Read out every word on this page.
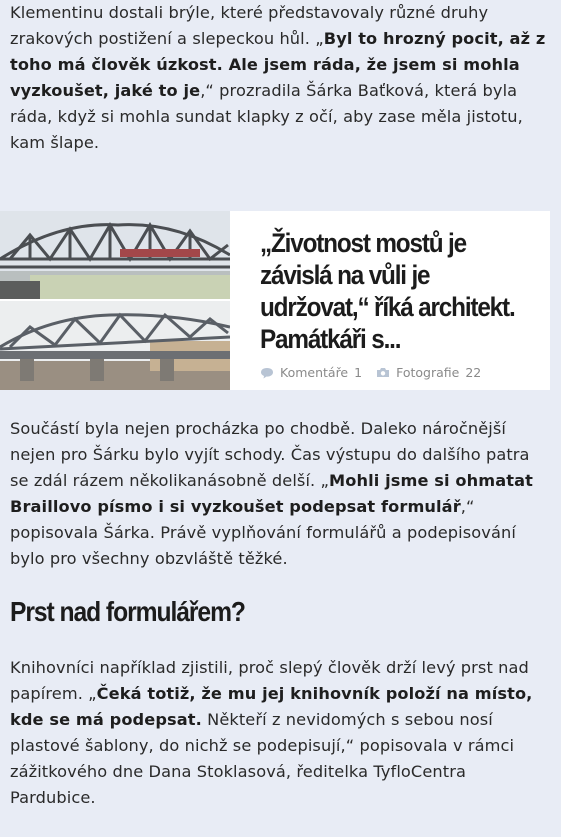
Klementinu dostali brýle, které představovaly různé druhy zrakových postižení a slepeckou hůl. „Byl to hrozný pocit, až z toho má člověk úzkost. Ale jsem ráda, že jsem si mohla vyzkoušet, jaké to je,“ prozradila Šárka Baťková, která byla ráda, když si mohla sundat klapky z očí, aby zase měla jistotu, kam šlape.
„Životnost mostů je závislá na vůli je udržovat,“ říká architekt. Památkáři s...
Komentáře 1	Fotografie 22
Součástí byla nejen procházka po chodbě. Daleko náročnější nejen pro Šárku bylo vyjít schody. Čas výstupu do dalšího patra se zdál rázem několikanásobně delší. „Mohli jsme si ohmatat Braillovo písmo i si vyzkoušet podepsat formulář,“ popisovala Šárka. Právě vyplňování formulářů a podepisování bylo pro všechny obzvláště těžké.
Prst nad formulářem?
Knihovníci například zjistili, proč slepý člověk drží levý prst nad papírem. „Čeká totiž, že mu jej knihovník položí na místo, kde se má podepsat. Někteří z nevidomých s sebou nosí plastové šablony, do nichž se podepisují,“ popisovala v rámci zážitkového dne Dana Stoklasová, ředitelka TyfloCentra Pardubice.
